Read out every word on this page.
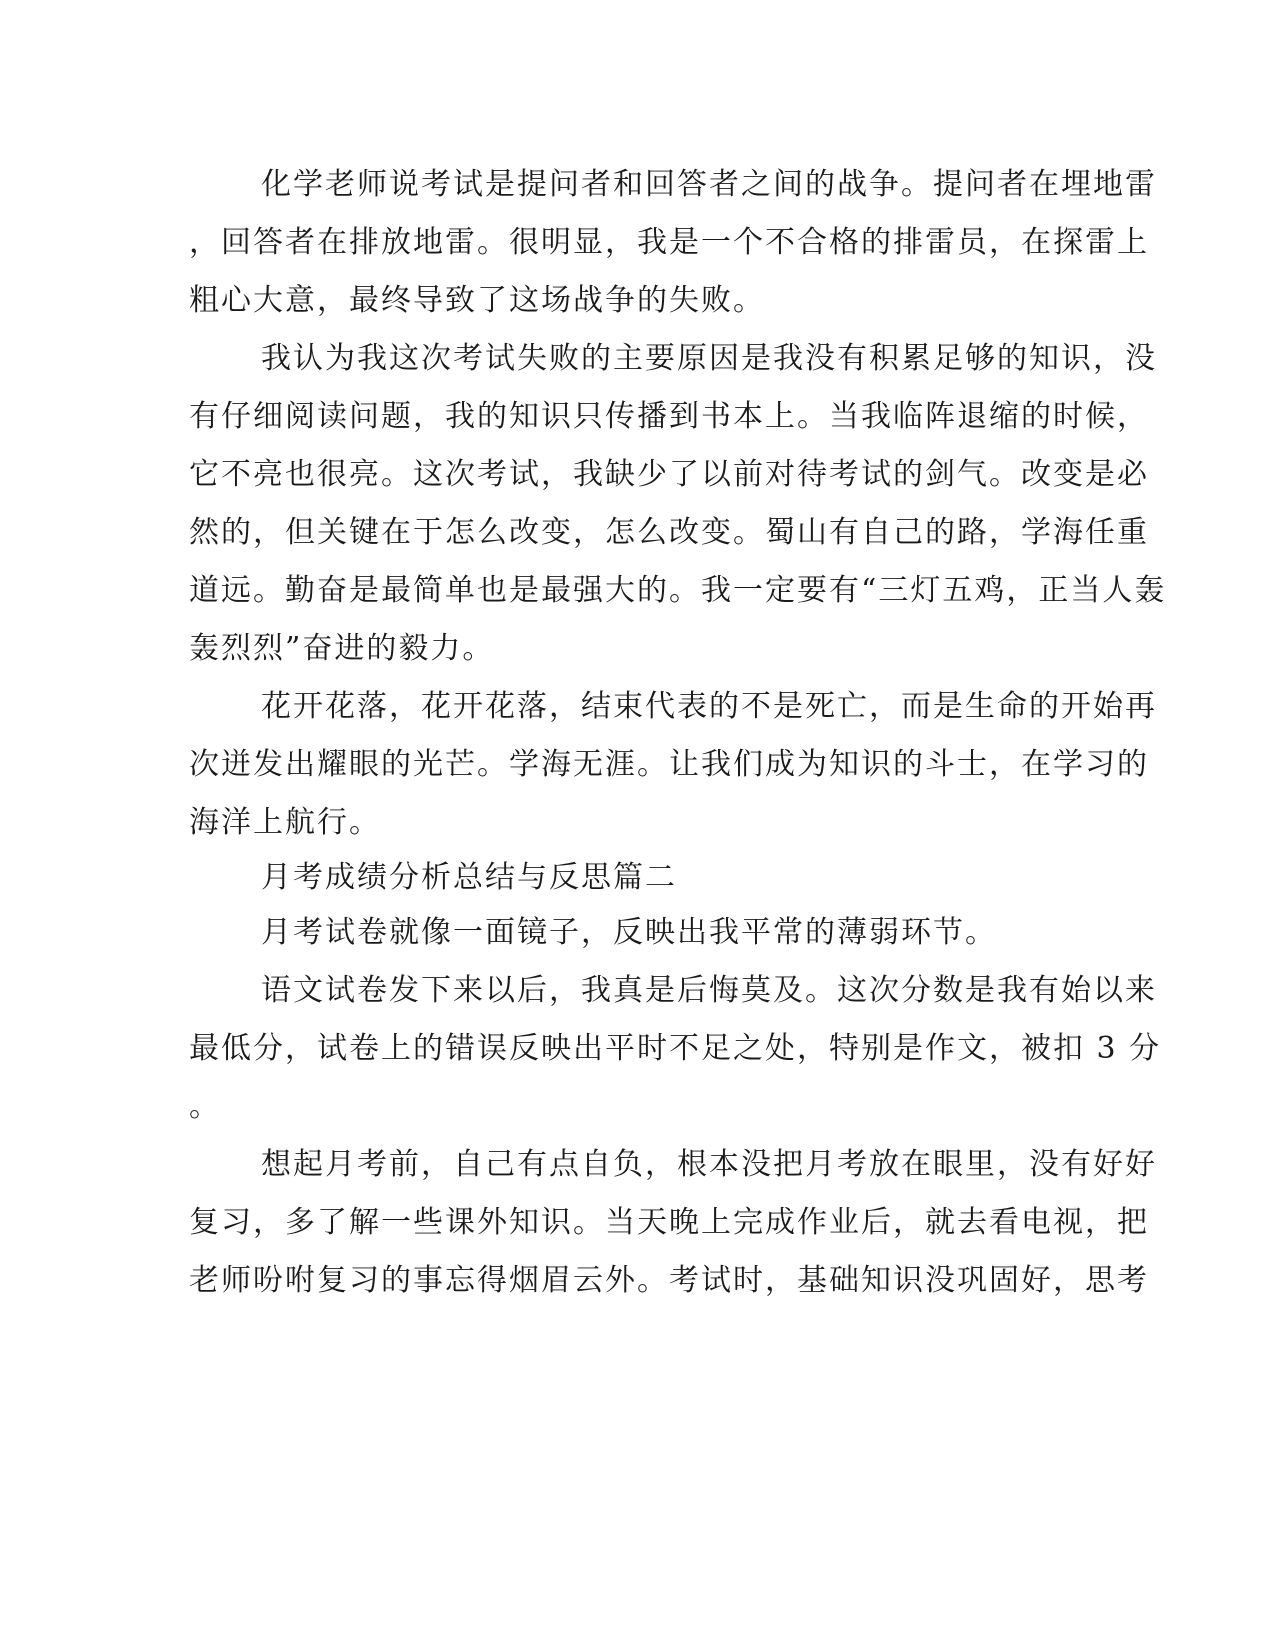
化学老师说考试是提问者和回答者之间的战争。提问者在埋地雷
，回答者在排放地雷。很明显，我是一个不合格的排雷员，在探雷上
粗心大意，最终导致了这场战争的失败。
我认为我这次考试失败的主要原因是我没有积累足够的知识，没
有仔细阅读问题，我的知识只传播到书本上。当我临阵退缩的时候，
它不亮也很亮。这次考试，我缺少了以前对待考试的剑气。改变是必
然的，但关键在于怎么改变，怎么改变。蜀山有自己的路，学海任重
道远。勤奋是最简单也是最强大的。我一定要有“三灯五鸡，正当人轰
轰烈烈”奋进的毅力。
花开花落，花开花落，结束代表的不是死亡，而是生命的开始再
次迸发出耀眼的光芒。学海无涯。让我们成为知识的斗士，在学习的
海洋上航行。
月考成绩分析总结与反思篇二
月考试卷就像一面镜子，反映出我平常的薄弱环节。
语文试卷发下来以后，我真是后悔莫及。这次分数是我有始以来
最低分，试卷上的错误反映出平时不足之处，特别是作文，被扣 3 分
。
想起月考前，自己有点自负，根本没把月考放在眼里，没有好好
复习，多了解一些课外知识。当天晚上完成作业后，就去看电视，把
老师吩咐复习的事忘得烟眉云外。考试时，基础知识没巩固好，思考
